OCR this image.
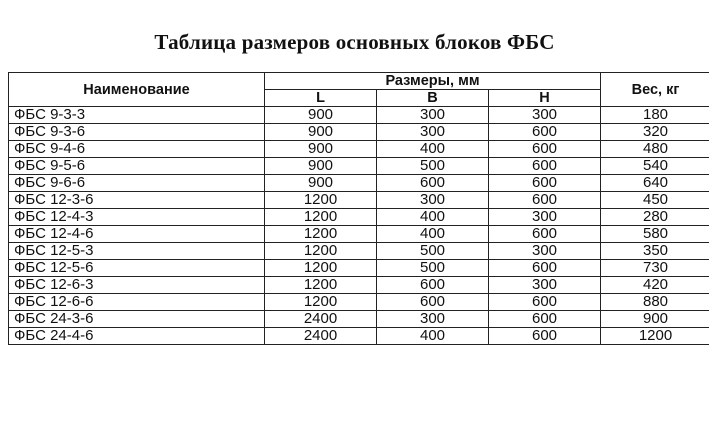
Таблица размеров основных блоков ФБС
Наименование	Размеры, мм			Вес, кг
	L	B	H	
ФБС 9-3-3	900	300	300	180
ФБС 9-3-6	900	300	600	320
ФБС 9-4-6	900	400	600	480
ФБС 9-5-6	900	500	600	540
ФБС 9-6-6	900	600	600	640
ФБС 12-3-6	1200	300	600	450
ФБС 12-4-3	1200	400	300	280
ФБС 12-4-6	1200	400	600	580
ФБС 12-5-3	1200	500	300	350
ФБС 12-5-6	1200	500	600	730
ФБС 12-6-3	1200	600	300	420
ФБС 12-6-6	1200	600	600	880
ФБС 24-3-6	2400	300	600	900
ФБС 24-4-6	2400	400	600	1200
